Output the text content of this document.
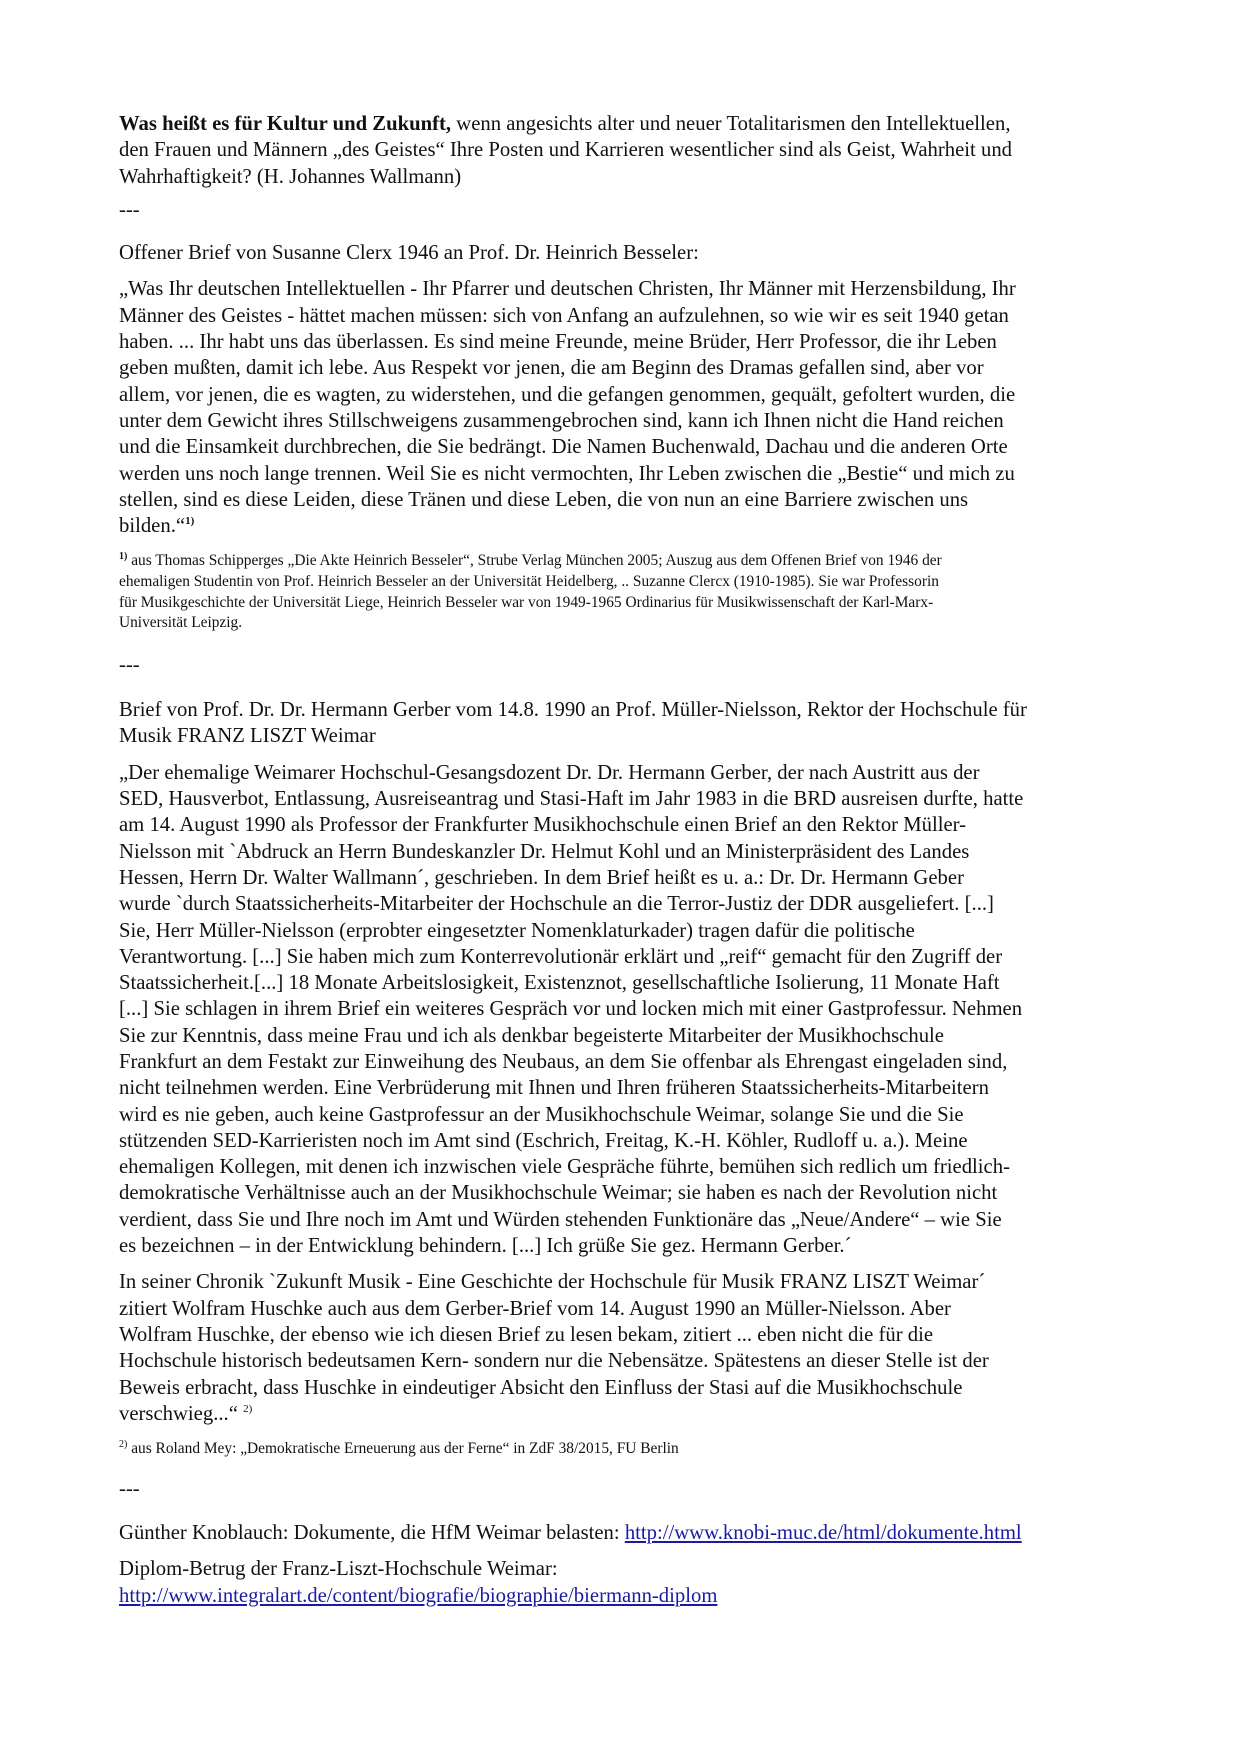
Was heißt es für Kultur und Zukunft, wenn angesichts alter und neuer Totalitarismen den Intellektuellen,
den Frauen und Männern „des Geistes“ Ihre Posten und Karrieren wesentlicher sind als Geist, Wahrheit und
Wahrhaftigkeit? (H. Johannes Wallmann)
---
Offener Brief von Susanne Clerx 1946 an Prof. Dr. Heinrich Besseler:
„Was Ihr deutschen Intellektuellen - Ihr Pfarrer und deutschen Christen, Ihr Männer mit Herzensbildung, Ihr
Männer des Geistes - hättet machen müssen: sich von Anfang an aufzulehnen, so wie wir es seit 1940 getan
haben. ... Ihr habt uns das überlassen. Es sind meine Freunde, meine Brüder, Herr Professor, die ihr Leben
geben mußten, damit ich lebe. Aus Respekt vor jenen, die am Beginn des Dramas gefallen sind, aber vor
allem, vor jenen, die es wagten, zu widerstehen, und die gefangen genommen, gequält, gefoltert wurden, die
unter dem Gewicht ihres Stillschweigens zusammengebrochen sind, kann ich Ihnen nicht die Hand reichen
und die Einsamkeit durchbrechen, die Sie bedrängt. Die Namen Buchenwald, Dachau und die anderen Orte
werden uns noch lange trennen. Weil Sie es nicht vermochten, Ihr Leben zwischen die „Bestie“ und mich zu
stellen, sind es diese Leiden, diese Tränen und diese Leben, die von nun an eine Barriere zwischen uns
bilden.“$^{1)}$
$^{1)}$ aus Thomas Schipperges „Die Akte Heinrich Besseler“, Strube Verlag München 2005; Auszug aus dem Offenen Brief von 1946 der
ehemaligen Studentin von Prof. Heinrich Besseler an der Universität Heidelberg, .. Suzanne Clercx (1910-1985). Sie war Professorin
für Musikgeschichte der Universität Liege, Heinrich Besseler war von 1949-1965 Ordinarius für Musikwissenschaft der Karl-Marx-
Universität Leipzig.
---
Brief von Prof. Dr. Dr. Hermann Gerber vom 14.8. 1990 an Prof. Müller-Nielsson, Rektor der Hochschule für
Musik FRANZ LISZT Weimar
„Der ehemalige Weimarer Hochschul-Gesangsdozent Dr. Dr. Hermann Gerber, der nach Austritt aus der
SED, Hausverbot, Entlassung, Ausreiseantrag und Stasi-Haft im Jahr 1983 in die BRD ausreisen durfte, hatte
am 14. August 1990 als Professor der Frankfurter Musikhochschule einen Brief an den Rektor Müller-
Nielsson mit `Abdruck an Herrn Bundeskanzler Dr. Helmut Kohl und an Ministerpräsident des Landes
Hessen, Herrn Dr. Walter Wallmann´, geschrieben. In dem Brief heißt es u. a.: Dr. Dr. Hermann Geber
wurde `durch Staatssicherheits-Mitarbeiter der Hochschule an die Terror-Justiz der DDR ausgeliefert. [...]
Sie, Herr Müller-Nielsson (erprobter eingesetzter Nomenklaturkader) tragen dafür die politische
Verantwortung. [...] Sie haben mich zum Konterrevolutionär erklärt und „reif“ gemacht für den Zugriff der
Staatssicherheit.[...] 18 Monate Arbeitslosigkeit, Existenznot, gesellschaftliche Isolierung, 11 Monate Haft
[...] Sie schlagen in ihrem Brief ein weiteres Gespräch vor und locken mich mit einer Gastprofessur. Nehmen
Sie zur Kenntnis, dass meine Frau und ich als denkbar begeisterte Mitarbeiter der Musikhochschule
Frankfurt an dem Festakt zur Einweihung des Neubaus, an dem Sie offenbar als Ehrengast eingeladen sind,
nicht teilnehmen werden. Eine Verbrüderung mit Ihnen und Ihren früheren Staatssicherheits-Mitarbeitern
wird es nie geben, auch keine Gastprofessur an der Musikhochschule Weimar, solange Sie und die Sie
stützenden SED-Karrieristen noch im Amt sind (Eschrich, Freitag, K.-H. Köhler, Rudloff u. a.). Meine
ehemaligen Kollegen, mit denen ich inzwischen viele Gespräche führte, bemühen sich redlich um friedlich-
demokratische Verhältnisse auch an der Musikhochschule Weimar; sie haben es nach der Revolution nicht
verdient, dass Sie und Ihre noch im Amt und Würden stehenden Funktionäre das „Neue/Andere“ – wie Sie
es bezeichnen – in der Entwicklung behindern. [...] Ich grüße Sie gez. Hermann Gerber.´
In seiner Chronik `Zukunft Musik - Eine Geschichte der Hochschule für Musik FRANZ LISZT Weimar´
zitiert Wolfram Huschke auch aus dem Gerber-Brief vom 14. August 1990 an Müller-Nielsson. Aber
Wolfram Huschke, der ebenso wie ich diesen Brief zu lesen bekam, zitiert ... eben nicht die für die
Hochschule historisch bedeutsamen Kern- sondern nur die Nebensätze. Spätestens an dieser Stelle ist der
Beweis erbracht, dass Huschke in eindeutiger Absicht den Einfluss der Stasi auf die Musikhochschule
verschwieg...“ $^{2)}$
$^{2)}$ aus Roland Mey: „Demokratische Erneuerung aus der Ferne“ in ZdF 38/2015, FU Berlin
---
Günther Knoblauch: Dokumente, die HfM Weimar belasten: http://www.knobi-muc.de/html/dokumente.html
Diplom-Betrug der Franz-Liszt-Hochschule Weimar:
http://www.integralart.de/content/biografie/biographie/biermann-diplom
